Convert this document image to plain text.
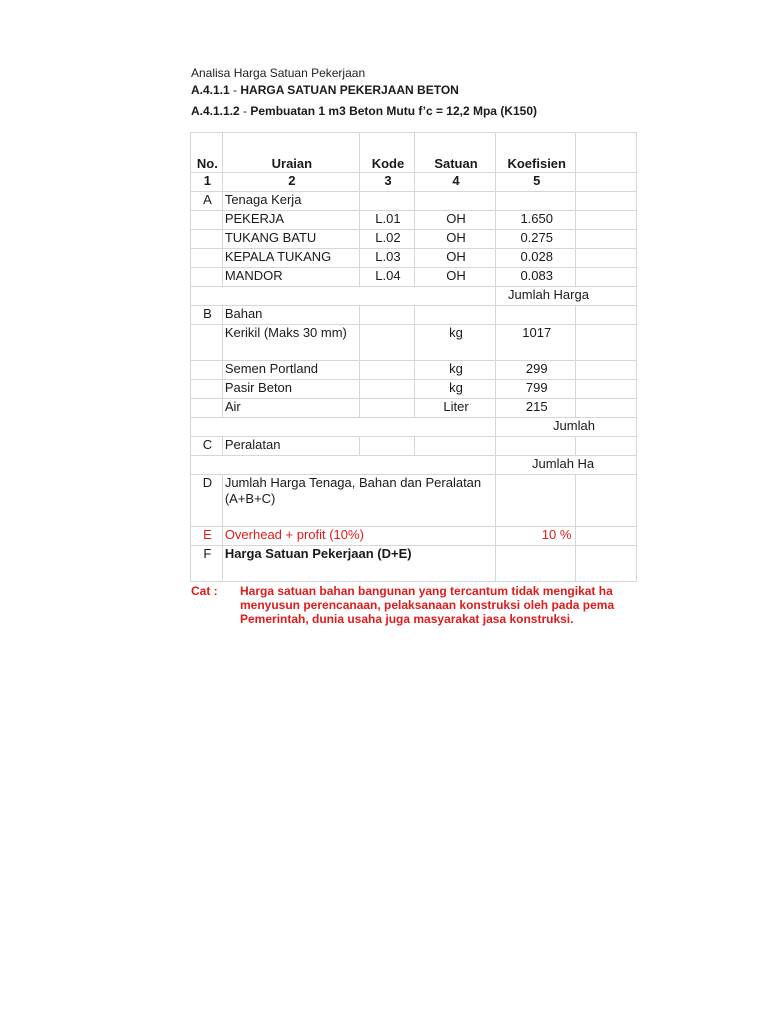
Analisa Harga Satuan Pekerjaan
A.4.1.1 - HARGA SATUAN PEKERJAAN BETON
A.4.1.1.2 - Pembuatan 1 m3 Beton Mutu f’c = 12,2 Mpa (K150)
No.	Uraian	Kode	Satuan	Koefisien	
1	2	3	4	5	
A	Tenaga Kerja				
	PEKERJA	L.01	OH	1.650	
	TUKANG BATU	L.02	OH	0.275	
	KEPALA TUKANG	L.03	OH	0.028	
	MANDOR	L.04	OH	0.083	
				Jumlah Harga	
B	Bahan				
	Kerikil (Maks 30 mm)		kg	1017	
	Semen Portland		kg	299	
	Pasir Beton		kg	799	
	Air		Liter	215	
				Jumlah	
C	Peralatan				
				Jumlah Ha	
D	Jumlah Harga Tenaga, Bahan dan Peralatan
(A+B+C)				

E	Overhead + profit (10%)			10 %	
F	Harga Satuan Pekerjaan (D+E)				
Cat : Harga satuan bahan bangunan yang tercantum tidak mengikat ha
menyusun perencanaan, pelaksanaan konstruksi oleh pada pema
Pemerintah, dunia usaha juga masyarakat jasa konstruksi.
